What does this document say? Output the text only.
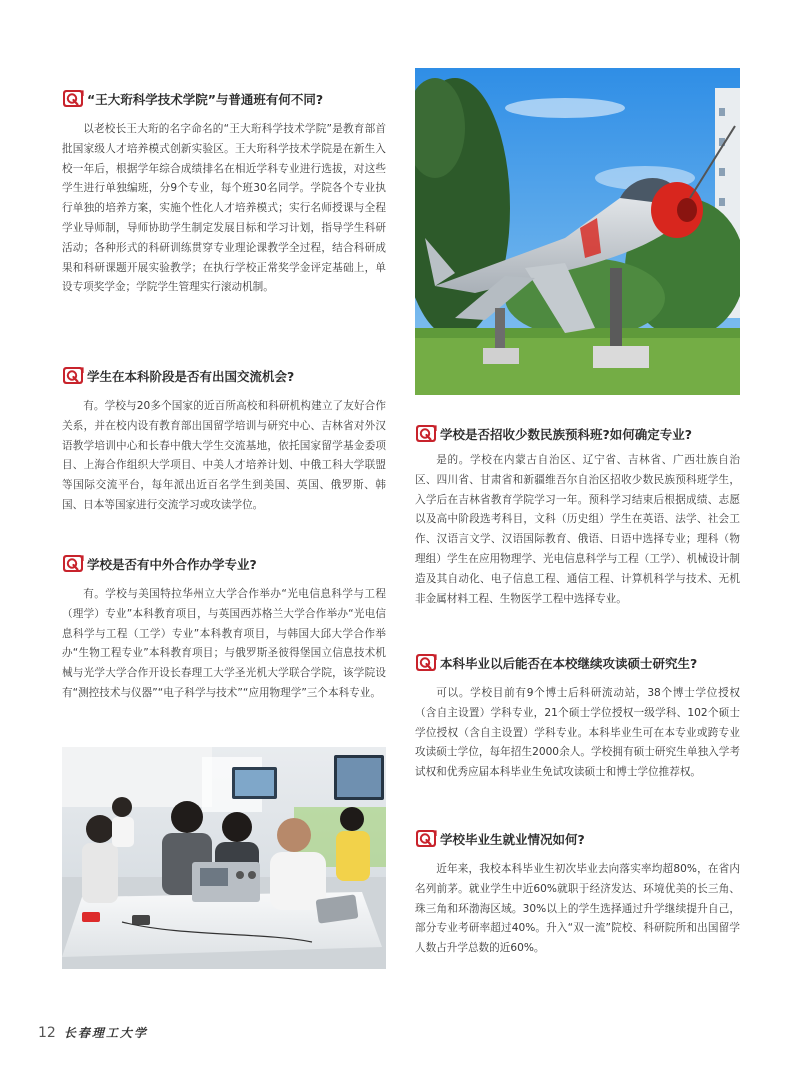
“王大珩科学技术学院”与普通班有何不同?

以老校长王大珩的名字命名的“王大珩科学技术学院”是教育部首批国家级人才培养模式创新实验区。王大珩科学技术学院是在新生入校一年后，根据学年综合成绩排名在相近学科专业进行选拔，对这些学生进行单独编班，分9个专业，每个班30名同学。学院各个专业执行单独的培养方案，实施个性化人才培养模式；实行名师授课与全程学业导师制，导师协助学生制定发展目标和学习计划，指导学生科研活动；各种形式的科研训练贯穿专业理论课教学全过程，结合科研成果和科研课题开展实验教学；在执行学校正常奖学金评定基础上，单设专项奖学金；学院学生管理实行滚动机制。

学生在本科阶段是否有出国交流机会?

有。学校与20多个国家的近百所高校和科研机构建立了友好合作关系，并在校内设有教育部出国留学培训与研究中心、吉林省对外汉语教学培训中心和长春中俄大学生交流基地，依托国家留学基金委项目、上海合作组织大学项目、中美人才培养计划、中俄工科大学联盟等国际交流平台，每年派出近百名学生到美国、英国、俄罗斯、韩国、日本等国家进行交流学习或攻读学位。

学校是否有中外合作办学专业?

有。学校与美国特拉华州立大学合作举办“光电信息科学与工程（理学）专业”本科教育项目，与英国西苏格兰大学合作举办“光电信息科学与工程（工学）专业”本科教育项目，与韩国大邱大学合作举办“生物工程专业”本科教育项目；与俄罗斯圣彼得堡国立信息技术机械与光学大学合作开设长春理工大学圣光机大学联合学院，该学院设有“测控技术与仪器”“电子科学与技术”“应用物理学”三个本科专业。

学校是否招收少数民族预科班?如何确定专业?

是的。学校在内蒙古自治区、辽宁省、吉林省、广西壮族自治区、四川省、甘肃省和新疆维吾尔自治区招收少数民族预科班学生，入学后在吉林省教育学院学习一年。预科学习结束后根据成绩、志愿以及高中阶段选考科目，文科（历史组）学生在英语、法学、社会工作、汉语言文学、汉语国际教育、俄语、日语中选择专业；理科（物理组）学生在应用物理学、光电信息科学与工程（工学）、机械设计制造及其自动化、电子信息工程、通信工程、计算机科学与技术、无机非金属材料工程、生物医学工程中选择专业。

本科毕业以后能否在本校继续攻读硕士研究生?

可以。学校目前有9个博士后科研流动站，38个博士学位授权（含自主设置）学科专业，21个硕士学位授权一级学科、102个硕士学位授权（含自主设置）学科专业。本科毕业生可在本专业或跨专业攻读硕士学位，每年招生2000余人。学校拥有硕士研究生单独入学考试权和优秀应届本科毕业生免试攻读硕士和博士学位推荐权。

学校毕业生就业情况如何?

近年来，我校本科毕业生初次毕业去向落实率均超80%，在省内名列前茅。就业学生中近60%就职于经济发达、环境优美的长三角、珠三角和环渤海区域。30%以上的学生选择通过升学继续提升自己，部分专业考研率超过40%。升入“双一流”院校、科研院所和出国留学人数占升学总数的近60%。

12 长春理工大学
